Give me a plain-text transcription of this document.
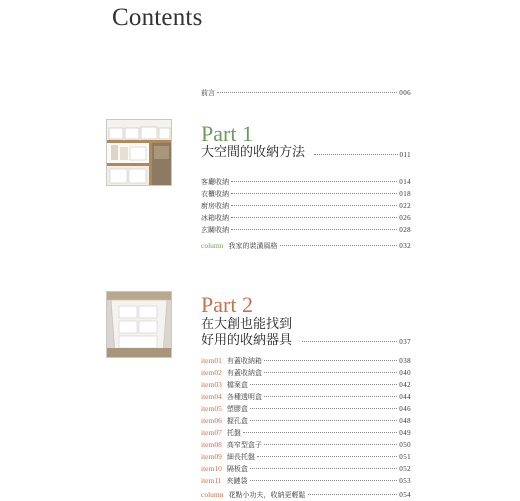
Contents
前言	006
Part 1
大空間的收納方法	011
客廳收納	014
衣櫃收納	018
廚房收納	022
冰箱收納	026
玄關收納	028
column 我家的裝潢風格	032
Part 2
在大創也能找到
好用的收納器具	037
item01 有蓋收納箱	038
item02 有蓋收納盒	040
item03 檔案盒	042
item04 各種透明盒	044
item05 塑膠盒	046
item06 握孔盒	048
item07 托盤	049
item08 高窄型盒子	050
item09 細長托盤	051
item10 隔板盒	052
item11 夾鏈袋	053
column 花點小功夫，收納更輕鬆	054
